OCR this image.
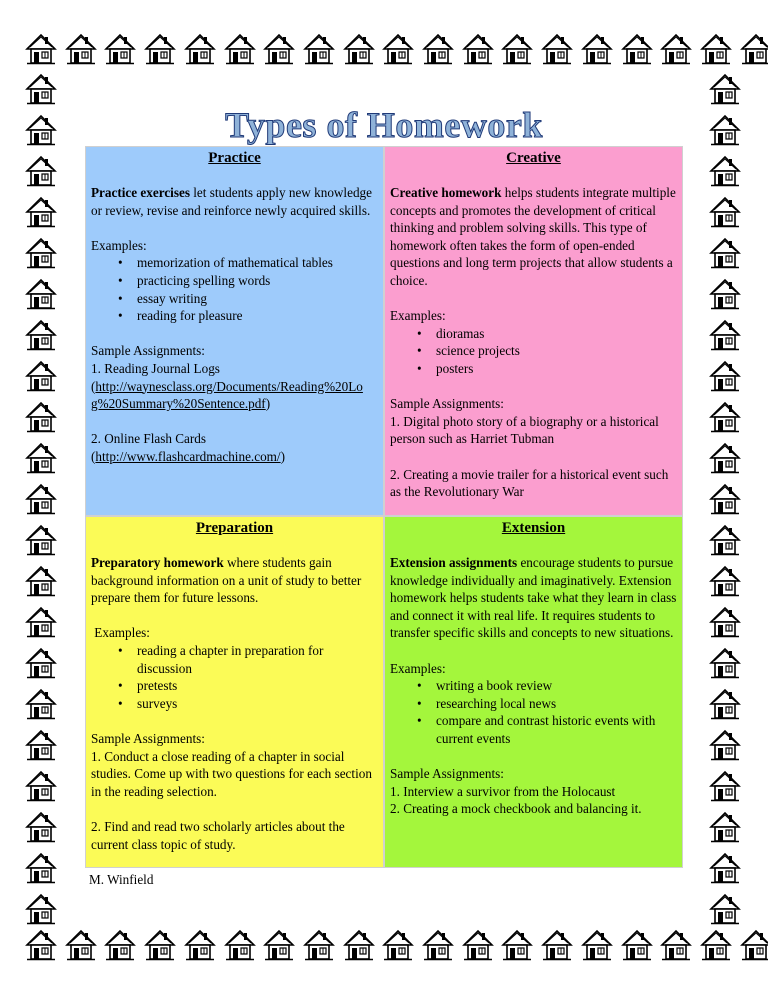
Types of Homework
Practice

Practice exercises let students apply new knowledge or review, revise and reinforce newly acquired skills.

Examples:

• memorization of mathematical tables
• practicing spelling words
• essay writing
• reading for pleasure

Sample Assignments:

1. Reading Journal Logs

(http://waynesclass.org/Documents/Reading%20Log%20Summary%20Sentence.pdf)

2. Online Flash Cards

(http://www.flashcardmachine.com/)

Creative

Creative homework helps students integrate multiple concepts and promotes the development of critical thinking and problem solving skills. This type of homework often takes the form of open-ended questions and long term projects that allow students a choice.

Examples:

• dioramas
• science projects
• posters

Sample Assignments:

1. Digital photo story of a biography or a historical person such as Harriet Tubman

2. Creating a movie trailer for a historical event such as the Revolutionary War

Preparation

Preparatory homework where students gain background information on a unit of study to better prepare them for future lessons.

Examples:

• reading a chapter in preparation for discussion
• pretests
• surveys

Sample Assignments:

1. Conduct a close reading of a chapter in social studies. Come up with two questions for each section in the reading selection.

2. Find and read two scholarly articles about the current class topic of study.

Extension

Extension assignments encourage students to pursue knowledge individually and imaginatively. Extension homework helps students take what they learn in class and connect it with real life. It requires students to transfer specific skills and concepts to new situations.

Examples:

• writing a book review
• researching local news
• compare and contrast historic events with current events

Sample Assignments:

1. Interview a survivor from the Holocaust

2. Creating a mock checkbook and balancing it.

M. Winfield
